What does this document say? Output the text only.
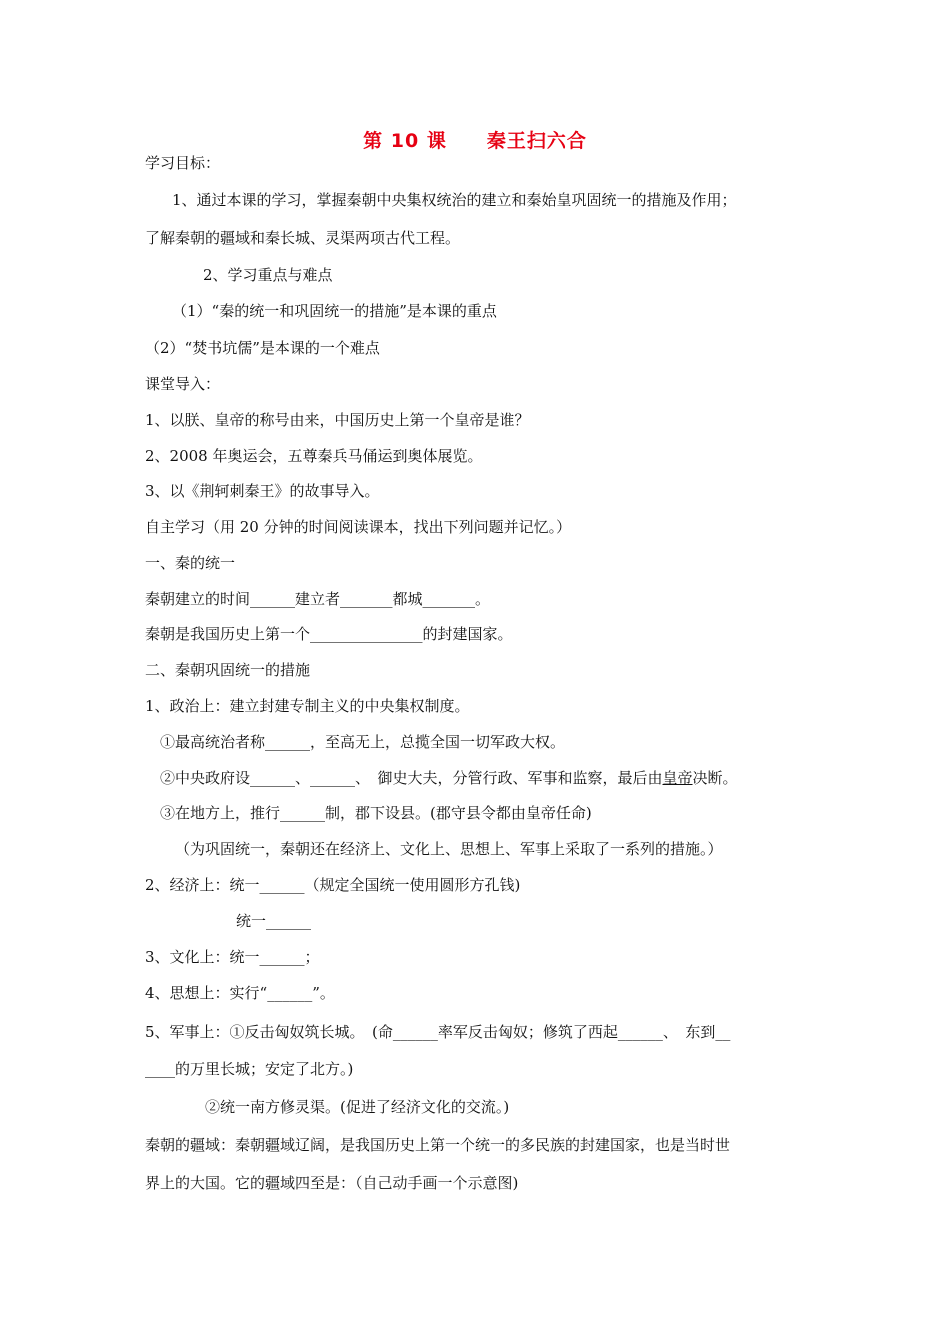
第 10 课 秦王扫六合
学习目标：
1、通过本课的学习，掌握秦朝中央集权统治的建立和秦始皇巩固统一的措施及作用；
了解秦朝的疆域和秦长城、灵渠两项古代工程。
2、学习重点与难点
（1）“秦的统一和巩固统一的措施”是本课的重点
（2）“焚书坑儒”是本课的一个难点
课堂导入：
1、以朕、皇帝的称号由来，中国历史上第一个皇帝是谁？
2、2008 年奥运会，五尊秦兵马俑运到奥体展览。
3、以《荆轲刺秦王》的故事导入。
自主学习（用 20 分钟的时间阅读课本，找出下列问题并记忆。）
一、秦的统一
秦朝建立的时间______建立者_______都城_______。
秦朝是我国历史上第一个_______________的封建国家。
二、秦朝巩固统一的措施
1、政治上：建立封建专制主义的中央集权制度。
①最高统治者称______，至高无上，总揽全国一切军政大权。
②中央政府设______、______、　御史大夫，分管行政、军事和监察，最后由皇帝决断。
③在地方上，推行______制，郡下设县。(郡守县令都由皇帝任命)
（为巩固统一，秦朝还在经济上、文化上、思想上、军事上采取了一系列的措施。）
2、经济上：统一______（规定全国统一使用圆形方孔钱)
统一______
3、文化上：统一______；
4、思想上：实行“______”。
5、军事上：①反击匈奴筑长城。　(命______率军反击匈奴；修筑了西起______、　东到__
____的万里长城；安定了北方。)
②统一南方修灵渠。(促进了经济文化的交流。)
秦朝的疆域：秦朝疆域辽阔，是我国历史上第一个统一的多民族的封建国家，也是当时世
界上的大国。它的疆域四至是：（自己动手画一个示意图)
